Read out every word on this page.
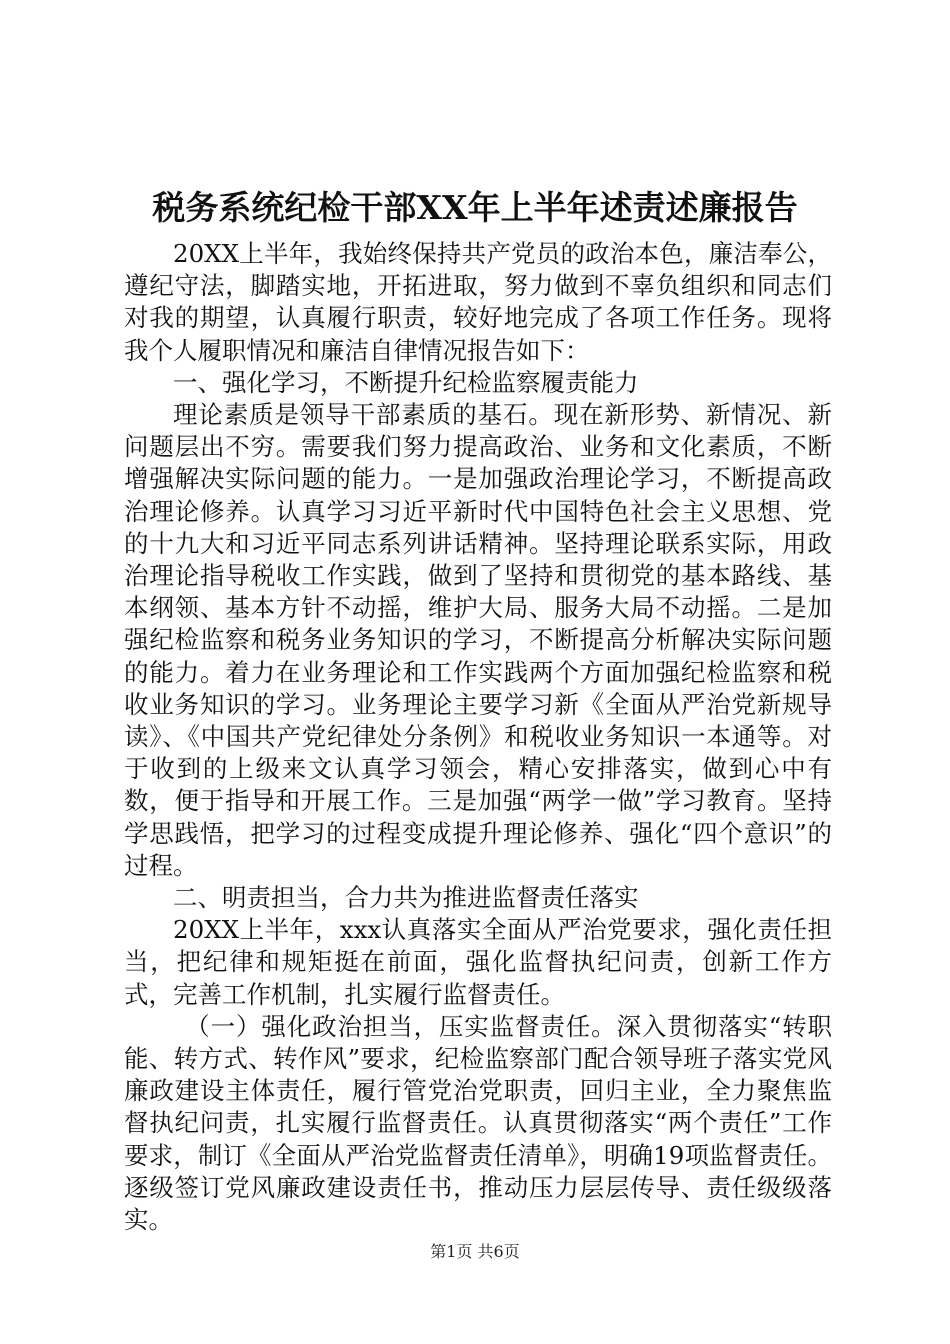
税务系统纪检干部XX年上半年述责述廉报告

20XX上半年，我始终保持共产党员的政治本色，廉洁奉公，遵纪守法，脚踏实地，开拓进取，努力做到不辜负组织和同志们对我的期望，认真履行职责，较好地完成了各项工作任务。现将我个人履职情况和廉洁自律情况报告如下：

一、强化学习，不断提升纪检监察履责能力

理论素质是领导干部素质的基石。现在新形势、新情况、新问题层出不穷。需要我们努力提高政治、业务和文化素质，不断增强解决实际问题的能力。一是加强政治理论学习，不断提高政治理论修养。认真学习习近平新时代中国特色社会主义思想、党的十九大和习近平同志系列讲话精神。坚持理论联系实际，用政治理论指导税收工作实践，做到了坚持和贯彻党的基本路线、基本纲领、基本方针不动摇，维护大局、服务大局不动摇。二是加强纪检监察和税务业务知识的学习，不断提高分析解决实际问题的能力。着力在业务理论和工作实践两个方面加强纪检监察和税收业务知识的学习。业务理论主要学习新《全面从严治党新规导读》、《中国共产党纪律处分条例》和税收业务知识一本通等。对于收到的上级来文认真学习领会，精心安排落实，做到心中有数，便于指导和开展工作。三是加强“两学一做”学习教育。坚持学思践悟，把学习的过程变成提升理论修养、强化“四个意识”的过程。

二、明责担当，合力共为推进监督责任落实

20XX上半年，xxx认真落实全面从严治党要求，强化责任担当，把纪律和规矩挺在前面，强化监督执纪问责，创新工作方式，完善工作机制，扎实履行监督责任。

（一）强化政治担当，压实监督责任。深入贯彻落实“转职能、转方式、转作风”要求，纪检监察部门配合领导班子落实党风廉政建设主体责任，履行管党治党职责，回归主业，全力聚焦监督执纪问责，扎实履行监督责任。认真贯彻落实“两个责任”工作要求，制订《全面从严治党监督责任清单》，明确19项监督责任。逐级签订党风廉政建设责任书，推动压力层层传导、责任级级落实。

第1页 共6页
